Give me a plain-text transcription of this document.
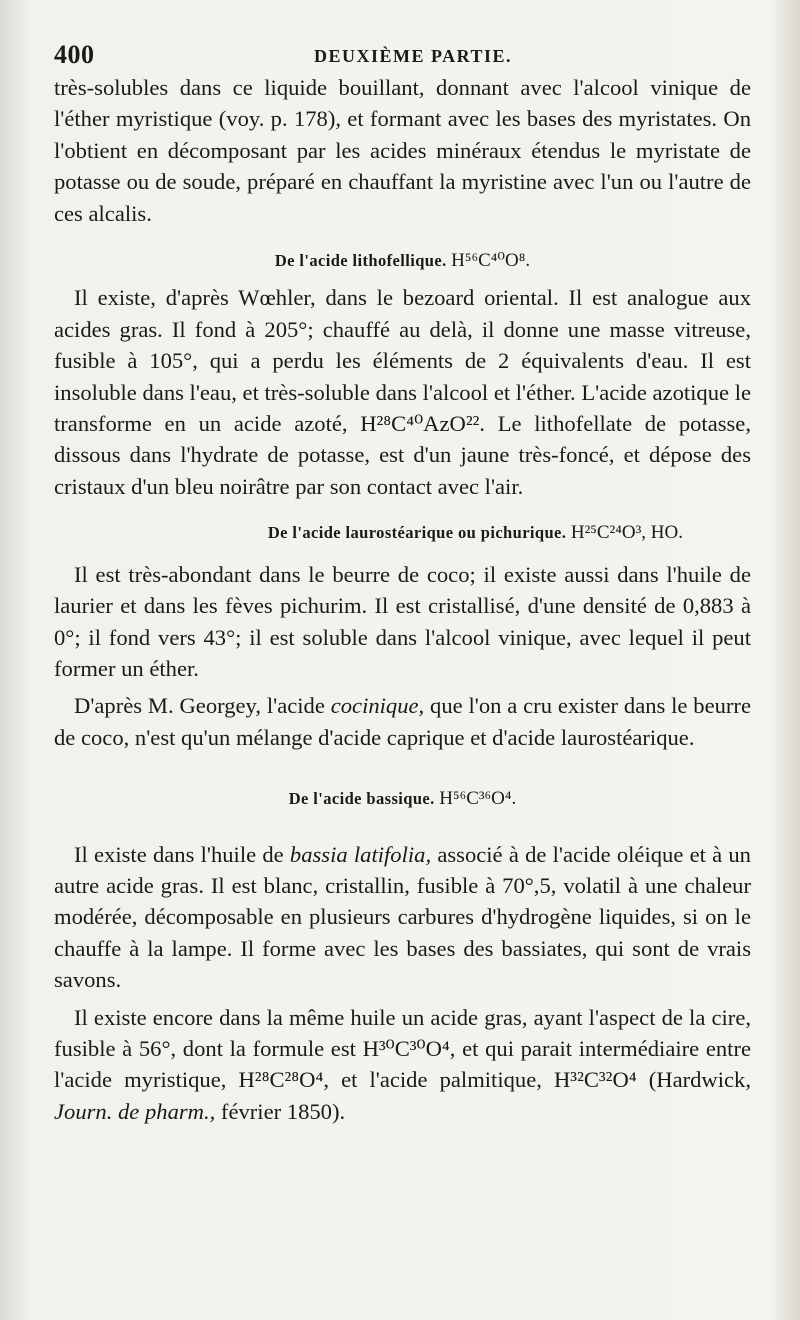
400	DEUXIÈME PARTIE.

très-solubles dans ce liquide bouillant, donnant avec l'alcool vinique de l'éther myristique (voy. p. 178), et formant avec les bases des myristates. On l'obtient en décomposant par les acides minéraux étendus le myristate de potasse ou de soude, préparé en chauffant la myristine avec l'un ou l'autre de ces alcalis.

De l'acide lithofellique. H⁵⁶C⁴⁰O⁸.

Il existe, d'après Wœhler, dans le bezoard oriental. Il est analogue aux acides gras. Il fond à 205°; chauffé au delà, il donne une masse vitreuse, fusible à 105°, qui a perdu les éléments de 2 équivalents d'eau. Il est insoluble dans l'eau, et très-soluble dans l'alcool et l'éther. L'acide azotique le transforme en un acide azoté, H²⁸C⁴⁰AzO²². Le lithofellate de potasse, dissous dans l'hydrate de potasse, est d'un jaune très-foncé, et dépose des cristaux d'un bleu noirâtre par son contact avec l'air.

De l'acide laurostéarique ou pichurique. H²⁵C²⁴O³, HO.

Il est très-abondant dans le beurre de coco; il existe aussi dans l'huile de laurier et dans les fèves pichurim. Il est cristallisé, d'une densité de 0,883 à 0°; il fond vers 43°; il est soluble dans l'alcool vinique, avec lequel il peut former un éther.

D'après M. Georgey, l'acide cocinique, que l'on a cru exister dans le beurre de coco, n'est qu'un mélange d'acide caprique et d'acide laurostéarique.

De l'acide bassique. H⁵⁶C³⁶O⁴.

Il existe dans l'huile de bassia latifolia, associé à de l'acide oléique et à un autre acide gras. Il est blanc, cristallin, fusible à 70°,5, volatil à une chaleur modérée, décomposable en plusieurs carbures d'hydrogène liquides, si on le chauffe à la lampe. Il forme avec les bases des bassiates, qui sont de vrais savons.

Il existe encore dans la même huile un acide gras, ayant l'aspect de la cire, fusible à 56°, dont la formule est H³⁰C³⁰O⁴, et qui parait intermédiaire entre l'acide myristique, H²⁸C²⁸O⁴, et l'acide palmitique, H³²C³²O⁴ (Hardwick, Journ. de pharm., février 1850).
